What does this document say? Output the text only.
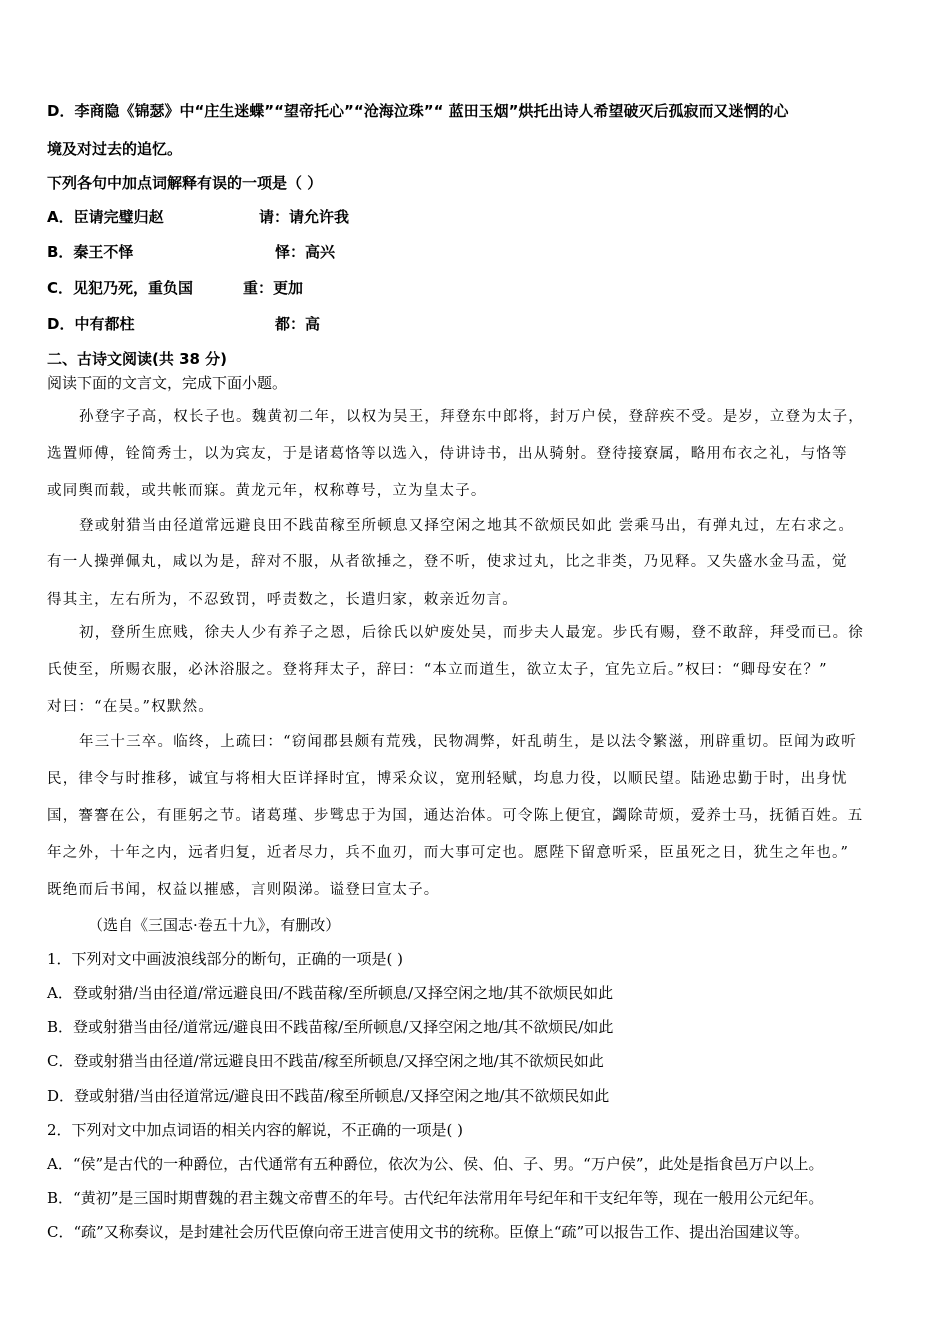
D．李商隐《锦瑟》中“庄生迷蝶”“望帝托心”“沧海泣珠”“ 蓝田玉烟”烘托出诗人希望破灭后孤寂而又迷惘的心
境及对过去的追忆。
下列各句中加点词解释有误的一项是（ ）
A．臣请完璧归赵	请：请允许我
B．秦王不怿	怿：高兴
C．见犯乃死，重负国	重：更加
D．中有都柱	都：高
二、古诗文阅读(共 38 分)
阅读下面的文言文，完成下面小题。
孙登字子高，权长子也。魏黄初二年，以权为吴王，拜登东中郎将，封万户侯，登辞疾不受。是岁，立登为太子，
选置师傅，铨简秀士，以为宾友，于是诸葛恪等以选入，侍讲诗书，出从骑射。登待接寮属，略用布衣之礼，与恪等
或同舆而载，或共帐而寐。黄龙元年，权称尊号，立为皇太子。
登或射猎当由径道常远避良田不践苗稼至所顿息又择空闲之地其不欲烦民如此 尝乘马出，有弹丸过，左右求之。
有一人操弹佩丸，咸以为是，辞对不服，从者欲捶之，登不听，使求过丸，比之非类，乃见释。又失盛水金马盂，觉
得其主，左右所为，不忍致罚，呼责数之，长遣归家，敕亲近勿言。
初，登所生庶贱，徐夫人少有养子之恩，后徐氏以妒废处吴，而步夫人最宠。步氏有赐，登不敢辞，拜受而已。徐
氏使至，所赐衣服，必沐浴服之。登将拜太子，辞曰：“本立而道生，欲立太子，宜先立后。”权曰：“卿母安在？”
对曰：“在吴。”权默然。
年三十三卒。临终，上疏曰：“窃闻郡县颇有荒残，民物凋弊，奸乱萌生，是以法令繁滋，刑辟重切。臣闻为政听
民，律令与时推移，诚宜与将相大臣详择时宜，博采众议，宽刑轻赋，均息力役，以顺民望。陆逊忠勤于时，出身忧
国，謇謇在公，有匪躬之节。诸葛瑾、步骘忠于为国，通达治体。可令陈上便宜，蠲除苛烦，爱养士马，抚循百姓。五
年之外，十年之内，远者归复，近者尽力，兵不血刃，而大事可定也。愿陛下留意听采，臣虽死之日，犹生之年也。”
既绝而后书闻，权益以摧感，言则陨涕。谥登曰宣太子。
（选自《三国志·卷五十九》，有删改）
1．下列对文中画波浪线部分的断句，正确的一项是( )
A．登或射猎/当由径道/常远避良田/不践苗稼/至所顿息/又择空闲之地/其不欲烦民如此
B．登或射猎当由径/道常远/避良田不践苗稼/至所顿息/又择空闲之地/其不欲烦民/如此
C．登或射猎当由径道/常远避良田不践苗/稼至所顿息/又择空闲之地/其不欲烦民如此
D．登或射猎/当由径道常远/避良田不践苗/稼至所顿息/又择空闲之地/其不欲烦民如此
2．下列对文中加点词语的相关内容的解说，不正确的一项是( )
A．“侯”是古代的一种爵位，古代通常有五种爵位，依次为公、侯、伯、子、男。“万户侯”，此处是指食邑万户以上。
B．“黄初”是三国时期曹魏的君主魏文帝曹丕的年号。古代纪年法常用年号纪年和干支纪年等，现在一般用公元纪年。
C．“疏”又称奏议，是封建社会历代臣僚向帝王进言使用文书的统称。臣僚上“疏”可以报告工作、提出治国建议等。
